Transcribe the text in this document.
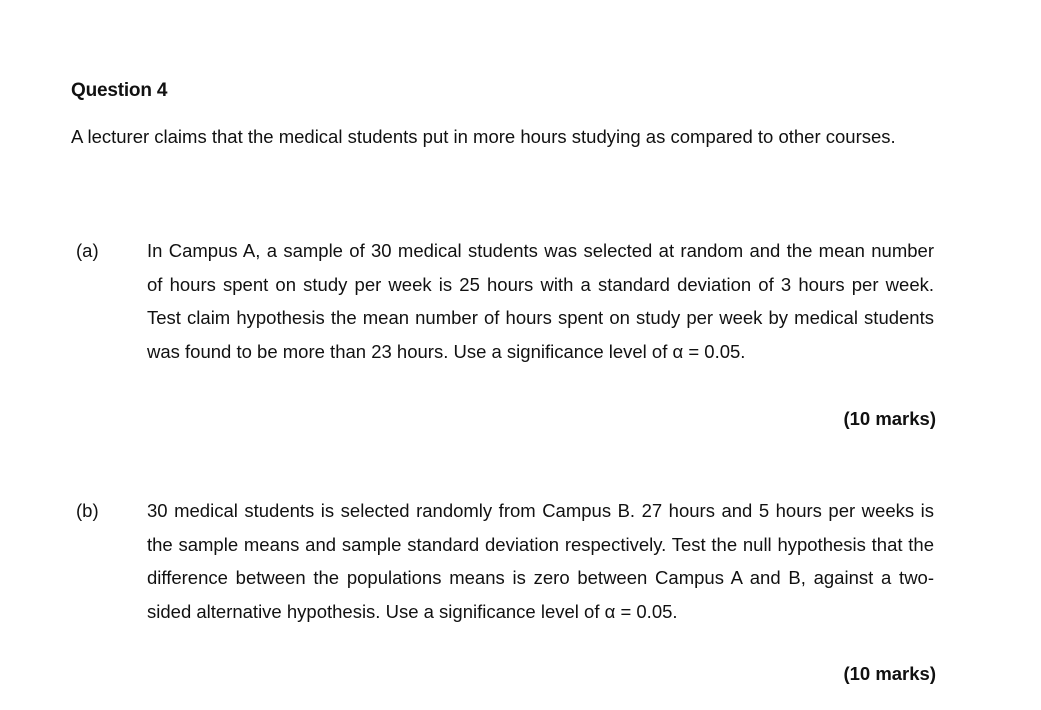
Question 4
A lecturer claims that the medical students put in more hours studying as compared to other courses.
(a)	In Campus A, a sample of 30 medical students was selected at random and the mean number of hours spent on study per week is 25 hours with a standard deviation of 3 hours per week. Test claim hypothesis the mean number of hours spent on study per week by medical students was found to be more than 23 hours. Use a significance level of α = 0.05.
(10 marks)
(b)	30 medical students is selected randomly from Campus B. 27 hours and 5 hours per weeks is the sample means and sample standard deviation respectively. Test the null hypothesis that the difference between the populations means is zero between Campus A and B, against a two-sided alternative hypothesis. Use a significance level of α = 0.05.
(10 marks)
